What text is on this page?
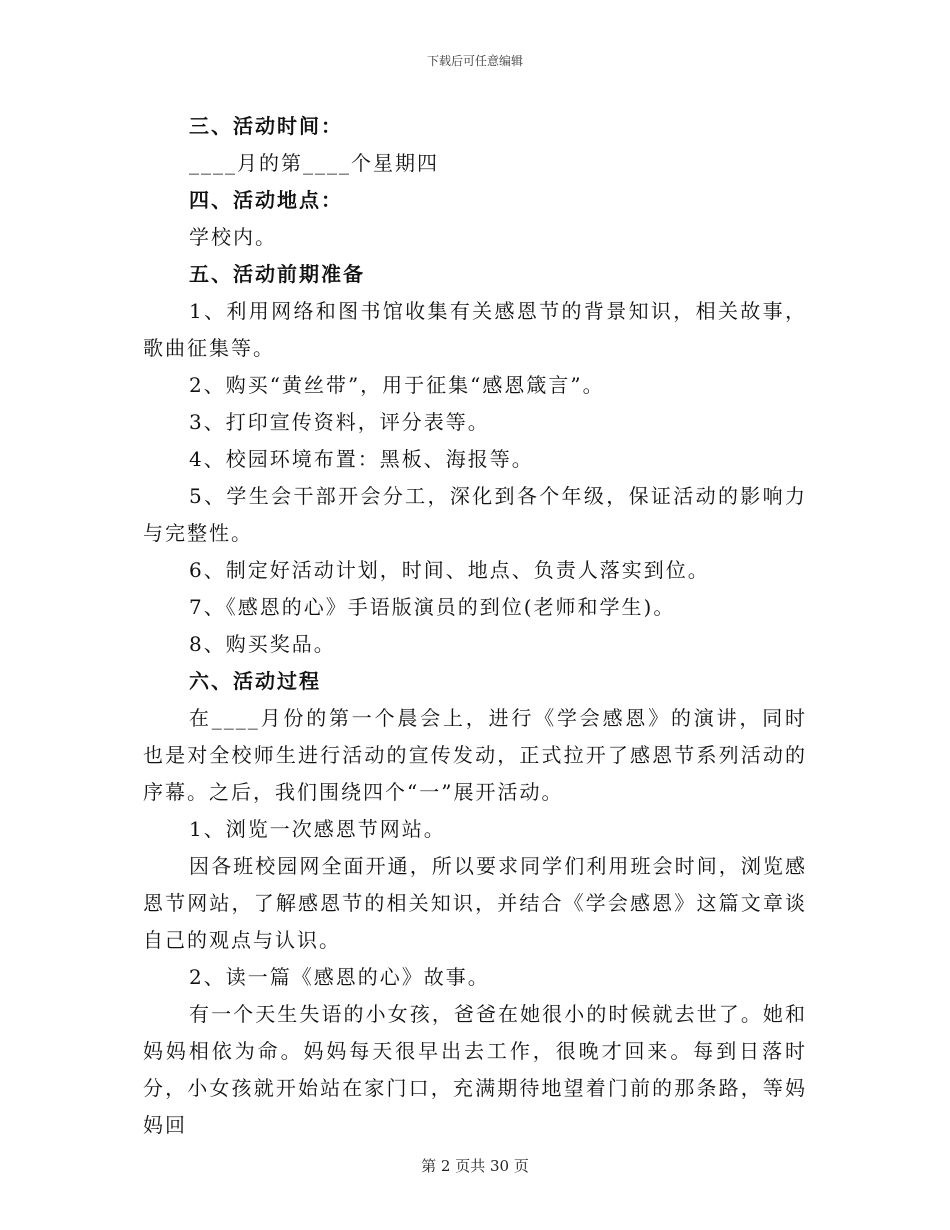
下载后可任意编辑

三、活动时间：

____月的第____个星期四

四、活动地点：

学校内。

五、活动前期准备

1、利用网络和图书馆收集有关感恩节的背景知识，相关故事，歌曲征集等。

2、购买“黄丝带”，用于征集“感恩箴言”。

3、打印宣传资料，评分表等。

4、校园环境布置：黑板、海报等。

5、学生会干部开会分工，深化到各个年级，保证活动的影响力与完整性。

6、制定好活动计划，时间、地点、负责人落实到位。

7、《感恩的心》手语版演员的到位(老师和学生)。

8、购买奖品。

六、活动过程

在____月份的第一个晨会上，进行《学会感恩》的演讲，同时也是对全校师生进行活动的宣传发动，正式拉开了感恩节系列活动的序幕。之后，我们围绕四个“一”展开活动。

1、浏览一次感恩节网站。

因各班校园网全面开通，所以要求同学们利用班会时间，浏览感恩节网站，了解感恩节的相关知识，并结合《学会感恩》这篇文章谈自己的观点与认识。

2、读一篇《感恩的心》故事。

有一个天生失语的小女孩，爸爸在她很小的时候就去世了。她和妈妈相依为命。妈妈每天很早出去工作，很晚才回来。每到日落时分，小女孩就开始站在家门口，充满期待地望着门前的那条路，等妈妈回

第 2 页共 30 页
